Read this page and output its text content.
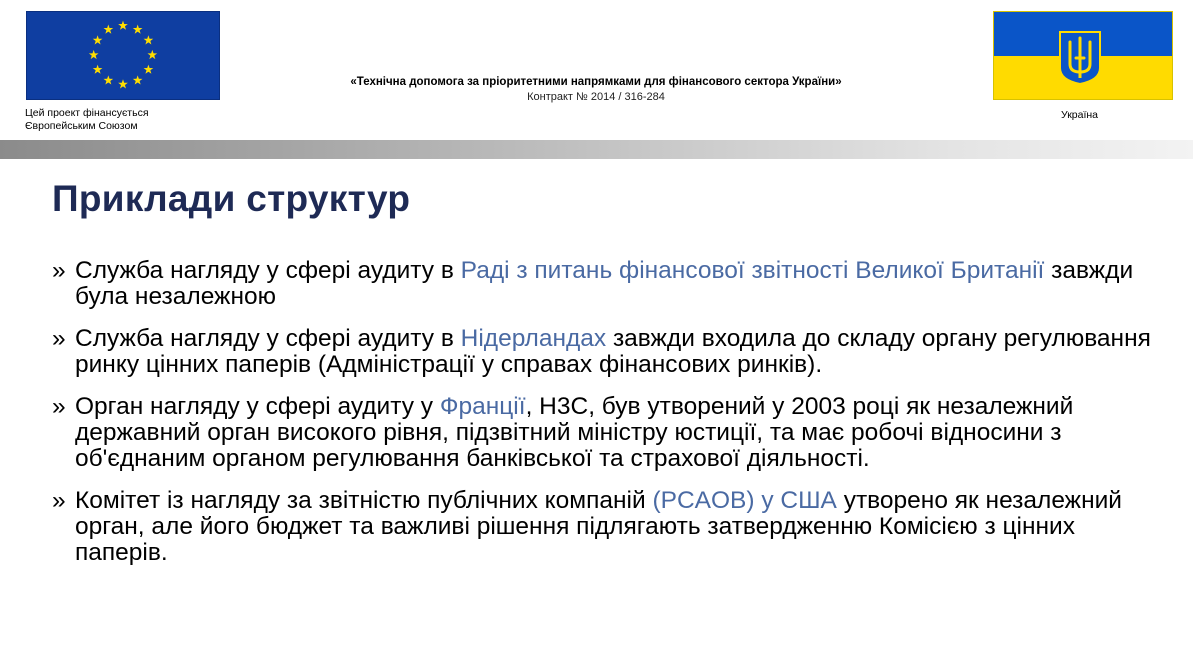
Цей проект фінансується
Європейським Союзом
«Технічна допомога за пріоритетними напрямками для фінансового сектора України»
Контракт № 2014 / 316-284
Україна
Приклади структур
» Служба нагляду у сфері аудиту в Раді з питань фінансової звітності Великої Британії завжди була незалежною
» Служба нагляду у сфері аудиту в Нідерландах завжди входила до складу органу регулювання ринку цінних паперів (Адміністрації у справах фінансових ринків).
» Орган нагляду у сфері аудиту у Франції, H3C, був утворений у 2003 році як незалежний державний орган високого рівня, підзвітний міністру юстиції, та має робочі відносини з об'єднаним органом регулювання банківської та страхової діяльності.
» Комітет із нагляду за звітністю публічних компаній (PCAOB) у США утворено як незалежний орган, але його бюджет та важливі рішення підлягають затвердженню Комісією з цінних паперів.
